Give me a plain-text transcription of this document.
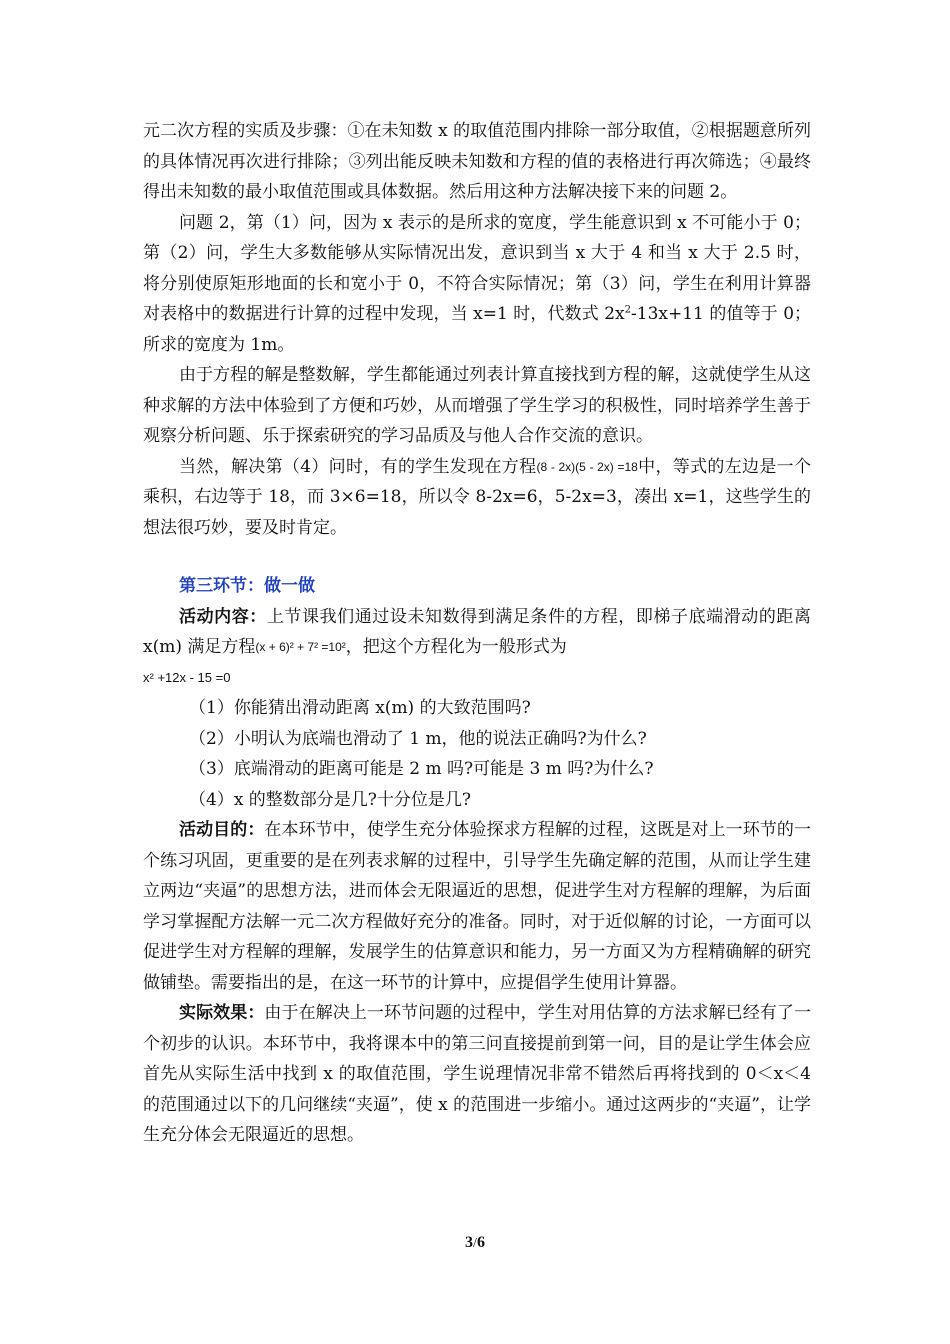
元二次方程的实质及步骤：①在未知数 x 的取值范围内排除一部分取值，②根据题意所列的具体情况再次进行排除；③列出能反映未知数和方程的值的表格进行再次筛选；④最终得出未知数的最小取值范围或具体数据。然后用这种方法解决接下来的问题 2。

问题 2，第（1）问，因为 x 表示的是所求的宽度，学生能意识到 x 不可能小于 0；第（2）问，学生大多数能够从实际情况出发，意识到当 x 大于 4 和当 x 大于 2.5 时，将分别使原矩形地面的长和宽小于 0，不符合实际情况；第（3）问，学生在利用计算器对表格中的数据进行计算的过程中发现，当 x=1 时，代数式 $2x^2-13x+11$ 的值等于 0；所求的宽度为 1m。

由于方程的解是整数解，学生都能通过列表计算直接找到方程的解，这就使学生从这种求解的方法中体验到了方便和巧妙，从而增强了学生学习的积极性，同时培养学生善于观察分析问题、乐于探索研究的学习品质及与他人合作交流的意识。

当然，解决第（4）问时，有的学生发现在方程(8 - 2x)(5 - 2x) =18中，等式的左边是一个乘积，右边等于 18，而 3×6=18，所以令 8-2x=6，5-2x=3，凑出 x=1，这些学生的想法很巧妙，要及时肯定。

第三环节：做一做

活动内容：上节课我们通过设未知数得到满足条件的方程，即梯子底端滑动的距离 x(m) 满足方程(x + 6)² + 7² =10²，把这个方程化为一般形式为

x² +12x - 15 =0

（1）你能猜出滑动距离 x(m) 的大致范围吗?

（2）小明认为底端也滑动了 1 m，他的说法正确吗?为什么?

（3）底端滑动的距离可能是 2 m 吗?可能是 3 m 吗?为什么?

（4）x 的整数部分是几?十分位是几?

活动目的：在本环节中，使学生充分体验探求方程解的过程，这既是对上一环节的一个练习巩固，更重要的是在列表求解的过程中，引导学生先确定解的范围，从而让学生建立两边“夹逼”的思想方法，进而体会无限逼近的思想，促进学生对方程解的理解，为后面学习掌握配方法解一元二次方程做好充分的准备。同时，对于近似解的讨论，一方面可以促进学生对方程解的理解，发展学生的估算意识和能力，另一方面又为方程精确解的研究做铺垫。需要指出的是，在这一环节的计算中，应提倡学生使用计算器。

实际效果：由于在解决上一环节问题的过程中，学生对用估算的方法求解已经有了一个初步的认识。本环节中，我将课本中的第三问直接提前到第一问，目的是让学生体会应首先从实际生活中找到 x 的取值范围，学生说理情况非常不错然后再将找到的 0＜x＜4 的范围通过以下的几问继续“夹逼”，使 x 的范围进一步缩小。通过这两步的“夹逼”，让学生充分体会无限逼近的思想。

3/6
